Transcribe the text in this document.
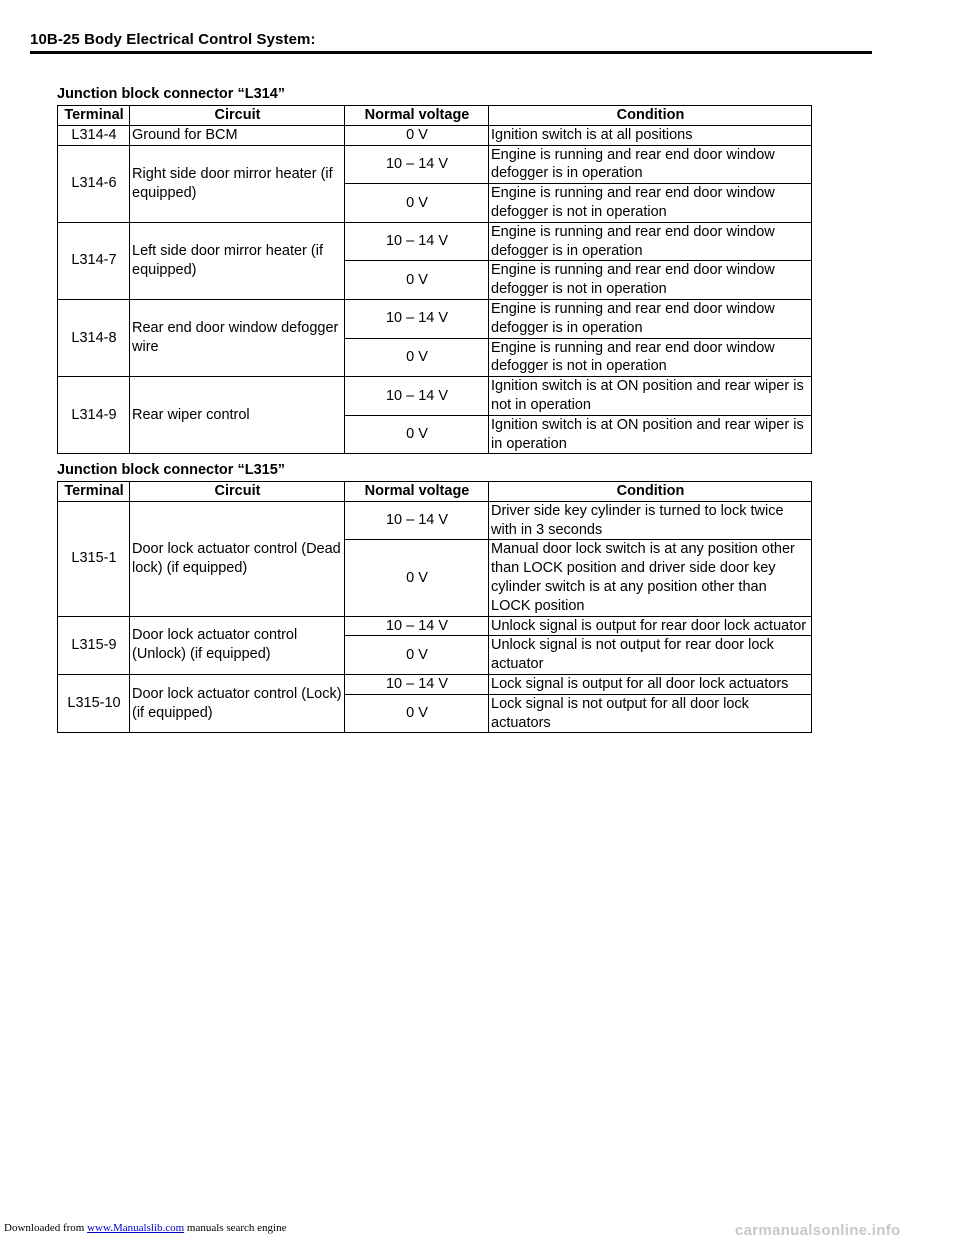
10B-25 Body Electrical Control System:
Junction block connector “L314”
Terminal	Circuit	Normal voltage	Condition
L314-4	Ground for BCM	0 V	Ignition switch is at all positions
L314-6	Right side door mirror heater (if equipped)	10 – 14 V	Engine is running and rear end door window defogger is in operation
		0 V	Engine is running and rear end door window defogger is not in operation
L314-7	Left side door mirror heater (if equipped)	10 – 14 V	Engine is running and rear end door window defogger is in operation
		0 V	Engine is running and rear end door window defogger is not in operation
L314-8	Rear end door window defogger wire	10 – 14 V	Engine is running and rear end door window defogger is in operation
		0 V	Engine is running and rear end door window defogger is not in operation
L314-9	Rear wiper control	10 – 14 V	Ignition switch is at ON position and rear wiper is not in operation
		0 V	Ignition switch is at ON position and rear wiper is in operation
Junction block connector “L315”
Terminal	Circuit	Normal voltage	Condition
L315-1	Door lock actuator control (Dead lock) (if equipped)	10 – 14 V	Driver side key cylinder is turned to lock twice with in 3 seconds
		0 V	Manual door lock switch is at any position other than LOCK position and driver side door key cylinder switch is at any position other than LOCK position
L315-9	Door lock actuator control (Unlock) (if equipped)	10 – 14 V	Unlock signal is output for rear door lock actuator
		0 V	Unlock signal is not output for rear door lock actuator
L315-10	Door lock actuator control (Lock) (if equipped)	10 – 14 V	Lock signal is output for all door lock actuators
		0 V	Lock signal is not output for all door lock actuators
Downloaded from www.Manualslib.com manuals search engine	carmanualsonline.info
